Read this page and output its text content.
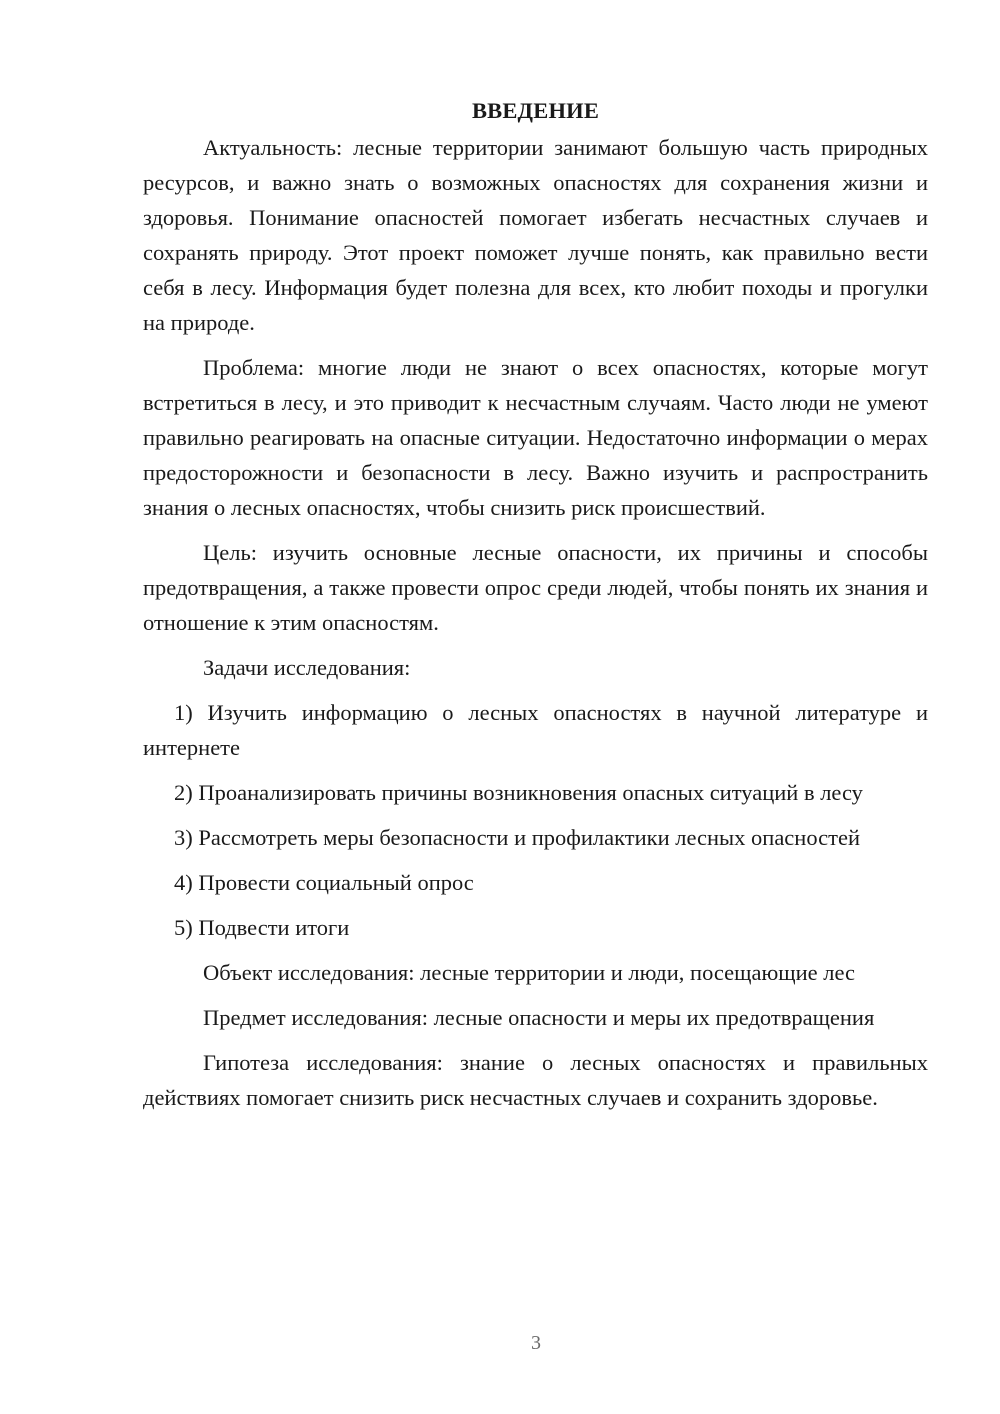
ВВЕДЕНИЕ

Актуальность: лесные территории занимают большую часть природных ресурсов, и важно знать о возможных опасностях для сохранения жизни и здоровья. Понимание опасностей помогает избегать несчастных случаев и сохранять природу. Этот проект поможет лучше понять, как правильно вести себя в лесу. Информация будет полезна для всех, кто любит походы и прогулки на природе.

Проблема: многие люди не знают о всех опасностях, которые могут встретиться в лесу, и это приводит к несчастным случаям. Часто люди не умеют правильно реагировать на опасные ситуации. Недостаточно информации о мерах предосторожности и безопасности в лесу. Важно изучить и распространить знания о лесных опасностях, чтобы снизить риск происшествий.

Цель: изучить основные лесные опасности, их причины и способы предотвращения, а также провести опрос среди людей, чтобы понять их знания и отношение к этим опасностям.

Задачи исследования:

1) Изучить информацию о лесных опасностях в научной литературе и интернете

2) Проанализировать причины возникновения опасных ситуаций в лесу

3) Рассмотреть меры безопасности и профилактики лесных опасностей

4) Провести социальный опрос

5) Подвести итоги

Объект исследования: лесные территории и люди, посещающие лес

Предмет исследования: лесные опасности и меры их предотвращения

Гипотеза исследования: знание о лесных опасностях и правильных действиях помогает снизить риск несчастных случаев и сохранить здоровье.

3
